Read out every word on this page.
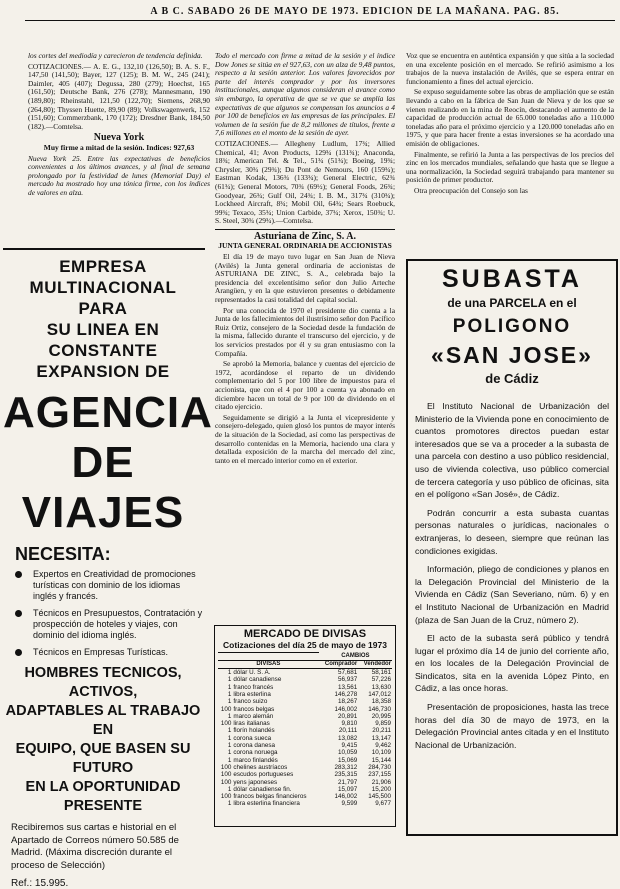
A B C. SABADO 26 DE MAYO DE 1973. EDICION DE LA MAÑANA. PAG. 85.

los cortes del mediodía y carecieron de tendencia definida.

COTIZACIONES.— A. E. G., 132,10 (126,50); B. A. S. F., 147,50 (141,50); Bayer, 127 (125); B. M. W., 245 (241); Daimler, 405 (407); Degussa, 280 (279); Hoechst, 165 (161,50); Deutsche Bank, 276 (278); Mannesmann, 190 (189,80); Rheinstahl, 121,50 (122,70); Siemens, 268,90 (264,80); Thyssen Huette, 89,90 (89); Volkswagenwerk, 152 (151,60); Commerzbank, 170 (172); Dresdner Bank, 184,50 (182).—Comtelsa.

Nueva York
Muy firme a mitad de la sesión. Indices: 927,63

Nueva York 25. Entre las expectativas de beneficios convenientes a los últimos avances, y al final de semana prolongado por la festividad de lunes (Memorial Day) el mercado ha mostrado hoy una tónica firme, con los índices de valores en alza.

EMPRESA MULTINACIONAL
PARA
SU LINEA EN CONSTANTE
EXPANSION DE
AGENCIA
DE VIAJES
NECESITA:
Expertos en Creatividad de promociones turísticas con dominio de los idiomas inglés y francés.
Técnicos en Presupuestos, Contratación y prospección de hoteles y viajes, con dominio del idioma inglés.
Técnicos en Empresas Turísticas.
HOMBRES TECNICOS, ACTIVOS,
ADAPTABLES AL TRABAJO EN
EQUIPO, QUE BASEN SU FUTURO
EN LA OPORTUNIDAD PRESENTE
Recibiremos sus cartas e historial en el Apartado de Correos número 50.585 de Madrid. (Máxima discreción durante el proceso de Selección)
Ref.: 15.995.

Todo el mercado con firme a mitad de la sesión y el índice Dow Jones se sitúa en el 927,63, con un alza de 9,48 puntos, respecto a la sesión anterior. Los valores favorecidos por parte del interés comprador y por los inversores institucionales, aunque algunos consideran el avance como sin embargo, la operativa de que se ve que se amplía las expectativas de que algunos se compensan los anuncios a 4 por 100 de beneficios en las empresas de las principales. El volumen de la sesión fue de 8,2 millones de títulos, frente a 7,6 millones en el monto de la sesión de ayer.

COTIZACIONES.— Allegheny Ludlum, 17¾; Allied Chemical, 41; Avon Products, 129¾ (131¾); Anaconda, 18¾; American Tel. & Tel., 51¾ (51¾); Boeing, 19¾; Chrysler, 30¾ (29¾); Du Pont de Nemours, 160 (159¾); Eastman Kodak, 136¾ (133¾); General Electric, 62¾ (61¾); General Motors, 70¾ (69½); General Foods, 26¾; Goodyear, 26¾; Gulf Oil, 24¾; I. B. M., 317¾ (310¾); Lockheed Aircraft, 8¾; Mobil Oil, 64¾; Sears Roebuck, 99¾; Texaco, 35¾; Union Carbide, 37¾; Xerox, 150¾; U. S. Steel, 30¾ (29¾).—Comtelsa.

Asturiana de Zinc, S. A.
JUNTA GENERAL ORDINARIA DE ACCIONISTAS

El día 19 de mayo tuvo lugar en San Juan de Nieva (Avilés) la Junta general ordinaria de accionistas de ASTURIANA DE ZINC, S. A., celebrada bajo la presidencia del excelentísimo señor don Julio Arteche Arangüen, y en la que estuvieron presentes o debidamente representados la casi totalidad del capital social.

Por una conocida de 1970 el presidente dio cuenta a la Junta de los fallecimientos del ilustrísimo señor don Pacífico Ruiz Ortiz, consejero de la Sociedad desde la fundación de la misma, fallecido durante el transcurso del ejercicio, y de los servicios prestados por él y su gran entusiasmo con la Compañía.

Se aprobó la Memoria, balance y cuentas del ejercicio de 1972, acordándose el reparto de un dividendo complementario del 5 por 100 libre de impuestos para el accionista, que con el 4 por 100 a cuenta ya abonado en diciembre hacen un total de 9 por 100 de dividendo en el citado ejercicio.

Seguidamente se dirigió a la Junta el vicepresidente y consejero-delegado, quien glosó los puntos de mayor interés de la situación de la Sociedad, así como las perspectivas de desarrollo contenidas en la Memoria, haciendo una clara y detallada exposición de la marcha del mercado del zinc, tanto en el mercado interior como en el exterior.

MERCADO DE DIVISAS
Cotizaciones del día 25 de mayo de 1973
		CAMBIOS	
DIVISAS		Comprador	Vendedor
1	dólar U. S. A.	57,681	58,161
1	dólar canadiense	56,937	57,226
1	franco francés	13,561	13,630
1	libra esterlina	146,278	147,012
1	franco suizo	18,267	18,358
100	francos belgas	146,002	146,730
1	marco alemán	20,891	20,995
100	liras italianas	9,810	9,859
1	florín holandés	20,111	20,211
1	corona sueca	13,082	13,147
1	corona danesa	9,415	9,462
1	corona noruega	10,059	10,109
1	marco finlandés	15,069	15,144
100	chelines austríacos	283,312	284,730
100	escudos portugueses	235,315	237,155
100	yens japoneses	21,797	21,906
1	dólar canadiense fin.	15,097	15,200
100	francos belgas financieros	146,002	145,500
1	libra esterlina financiera	9,599	9,677

Voz que se encuentra en auténtica expansión y que sitúa a la sociedad en una excelente posición en el mercado. Se refirió asimismo a los trabajos de la nueva instalación de Avilés, que se espera entrar en funcionamiento a fines del actual ejercicio.

Se expuso seguidamente sobre las obras de ampliación que se están llevando a cabo en la fábrica de San Juan de Nieva y de los que se vienen realizando en la mina de Reocín, destacando el aumento de la capacidad de producción actual de 65.000 toneladas año a 110.000 toneladas año para el próximo ejercicio y a 120.000 toneladas año en 1975, y que para hacer frente a estas inversiones se ha acordado una emisión de obligaciones.

Finalmente, se refirió la Junta a las perspectivas de los precios del zinc en los mercados mundiales, señalando que hasta que se llegue a una normalización, la Sociedad seguirá trabajando para mantener su posición de primer productor.

Otra preocupación del Consejo son las

SUBASTA
de una PARCELA en el
POLIGONO
«SAN JOSE»
de Cádiz

El Instituto Nacional de Urbanización del Ministerio de la Vivienda pone en conocimiento de cuantos promotores directos puedan estar interesados que se va a proceder a la subasta de una parcela con destino a uso público residencial, uso de vivienda colectiva, uso público comercial de tercera categoría y uso público de oficinas, sita en el polígono «San José», de Cádiz.

Podrán concurrir a esta subasta cuantas personas naturales o jurídicas, nacionales o extranjeras, lo deseen, siempre que reúnan las condiciones exigidas.

Información, pliego de condiciones y planos en la Delegación Provincial del Ministerio de la Vivienda en Cádiz (San Severiano, núm. 6) y en el Instituto Nacional de Urbanización en Madrid (plaza de San Juan de la Cruz, número 2).

El acto de la subasta será público y tendrá lugar el próximo día 14 de junio del corriente año, en los locales de la Delegación Provincial de Sindicatos, sita en la avenida López Pinto, en Cádiz, a las once horas.

Presentación de proposiciones, hasta las trece horas del día 30 de mayo de 1973, en la Delegación Provincial antes citada y en el Instituto Nacional de Urbanización.
